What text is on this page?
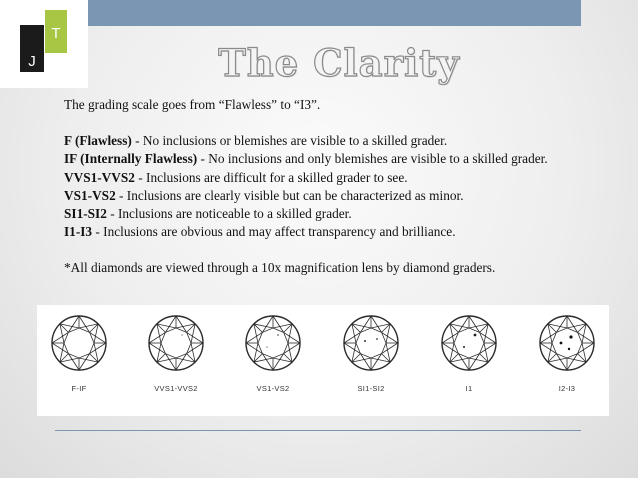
T
J	The Clarity

The grading scale goes from “Flawless” to “I3”.

F (Flawless) - No inclusions or blemishes are visible to a skilled grader.

IF (Internally Flawless) - No inclusions and only blemishes are visible to a skilled grader.

VVS1-VVS2 - Inclusions are difficult for a skilled grader to see.

VS1-VS2 - Inclusions are clearly visible but can be characterized as minor.

SI1-SI2 - Inclusions are noticeable to a skilled grader.

I1-I3 - Inclusions are obvious and may affect transparency and brilliance.

*All diamonds are viewed through a 10x magnification lens by diamond graders.

F-IF	VVS1-VVS2	VS1-VS2	SI1-SI2	I1	I2-I3
